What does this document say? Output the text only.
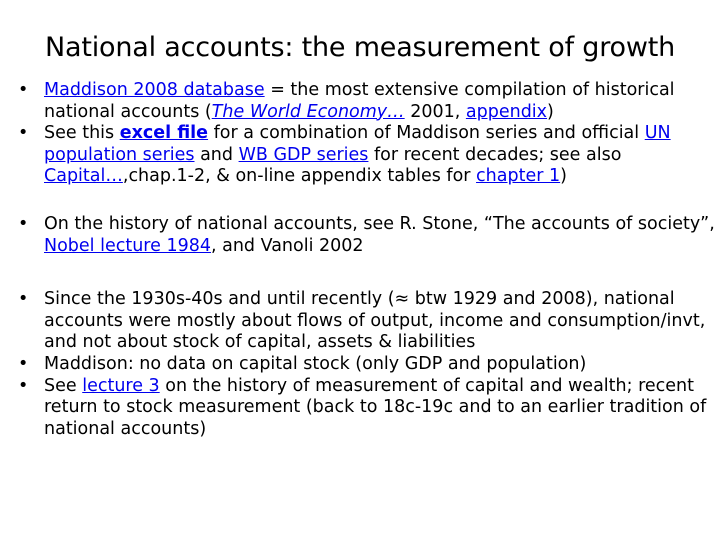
National accounts: the measurement of growth

• Maddison 2008 database = the most extensive compilation of historical national accounts (The World Economy… 2001, appendix)

• See this excel file for a combination of Maddison series and official UN population series and WB GDP series for recent decades; see also Capital…,chap.1-2, & on-line appendix tables for chapter 1)

• On the history of national accounts, see R. Stone, “The accounts of society”, Nobel lecture 1984, and Vanoli 2002

• Since the 1930s-40s and until recently (≈ btw 1929 and 2008), national accounts were mostly about flows of output, income and consumption/invt, and not about stock of capital, assets & liabilities

• Maddison: no data on capital stock (only GDP and population)

• See lecture 3 on the history of measurement of capital and wealth; recent return to stock measurement (back to 18c-19c and to an earlier tradition of national accounts)
